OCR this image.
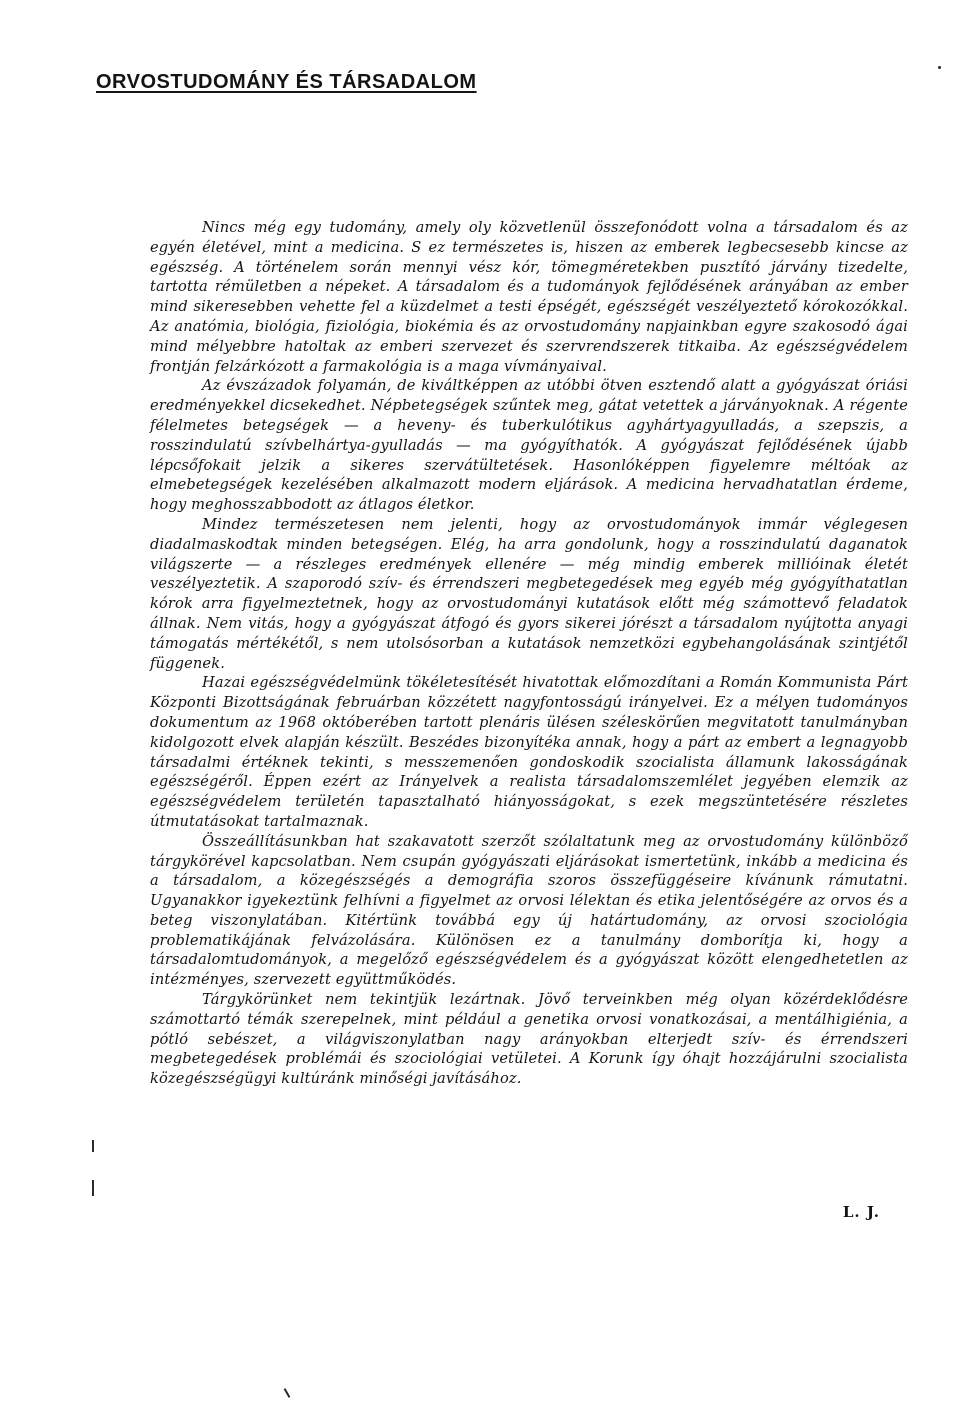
ORVOSTUDOMÁNY ÉS TÁRSADALOM

Nincs még egy tudomány, amely oly közvetlenül összefonódott volna a társadalom és az egyén életével, mint a medicina. S ez természetes is, hiszen az emberek legbecsesebb kincse az egészség. A történelem során mennyi vész kór, tömegméretekben pusztító járvány tizedelte, tartotta rémületben a népeket. A társadalom és a tudományok fejlődésének arányában az ember mind sikeresebben vehette fel a küzdelmet a testi épségét, egészségét veszélyeztető kórokozókkal. Az anatómia, biológia, fiziológia, biokémia és az orvostudomány napjainkban egyre szakosodó ágai mind mélyebbre hatoltak az emberi szervezet és szervrendszerek titkaiba. Az egészségvédelem frontján felzárkózott a farmakológia is a maga vívmányaival.

Az évszázadok folyamán, de kiváltképpen az utóbbi ötven esztendő alatt a gyógyászat óriási eredményekkel dicsekedhet. Népbetegségek szűntek meg, gátat vetettek a járványoknak. A régente félelmetes betegségek — a heveny- és tuberkulótikus agyhártyagyulladás, a szepszis, a rosszindulatú szívbelhártya-gyulladás — ma gyógyíthatók. A gyógyászat fejlődésének újabb lépcsőfokait jelzik a sikeres szervátültetések. Hasonlóképpen figyelemre méltóak az elmebetegségek kezelésében alkalmazott modern eljárások. A medicina hervadhatatlan érdeme, hogy meghosszabbodott az átlagos életkor.

Mindez természetesen nem jelenti, hogy az orvostudományok immár véglegesen diadalmaskodtak minden betegségen. Elég, ha arra gondolunk, hogy a rosszindulatú daganatok világszerte — a részleges eredmények ellenére — még mindig emberek millióinak életét veszélyeztetik. A szaporodó szív- és érrendszeri megbetegedések meg egyéb még gyógyíthatatlan kórok arra figyelmeztetnek, hogy az orvostudományi kutatások előtt még számottevő feladatok állnak. Nem vitás, hogy a gyógyászat átfogó és gyors sikerei jórészt a társadalom nyújtotta anyagi támogatás mértékétől, s nem utolsósorban a kutatások nemzetközi egybehangolásának szintjétől függenek.

Hazai egészségvédelmünk tökéletesítését hivatottak előmozdítani a Román Kommunista Párt Központi Bizottságának februárban közzétett nagyfontosságú irányelvei. Ez a mélyen tudományos dokumentum az 1968 októberében tartott plenáris ülésen széleskörűen megvitatott tanulmányban kidolgozott elvek alapján készült. Beszédes bizonyítéka annak, hogy a párt az embert a legnagyobb társadalmi értéknek tekinti, s messzemenően gondoskodik szocialista államunk lakosságának egészségéről. Éppen ezért az Irányelvek a realista társadalomszemlélet jegyében elemzik az egészségvédelem területén tapasztalható hiányosságokat, s ezek megszüntetésére részletes útmutatásokat tartalmaznak.

Összeállításunkban hat szakavatott szerzőt szólaltatunk meg az orvostudomány különböző tárgykörével kapcsolatban. Nem csupán gyógyászati eljárásokat ismertetünk, inkább a medicina és a társadalom, a közegészségés a demográfia szoros összefüggéseire kívánunk rámutatni. Ugyanakkor igyekeztünk felhívni a figyelmet az orvosi lélektan és etika jelentőségére az orvos és a beteg viszonylatában. Kitértünk továbbá egy új határtudomány, az orvosi szociológia problematikájának felvázolására. Különösen ez a tanulmány domborítja ki, hogy a társadalomtudományok, a megelőző egészségvédelem és a gyógyászat között elengedhetetlen az intézményes, szervezett együttműködés.

Tárgykörünket nem tekintjük lezártnak. Jövő terveinkben még olyan közérdeklődésre számottartó témák szerepelnek, mint például a genetika orvosi vonatkozásai, a mentálhigiénia, a pótló sebészet, a világviszonylatban nagy arányokban elterjedt szív- és érrendszeri megbetegedések problémái és szociológiai vetületei. A Korunk így óhajt hozzájárulni szocialista közegészségügyi kultúránk minőségi javításához.

L. J.
